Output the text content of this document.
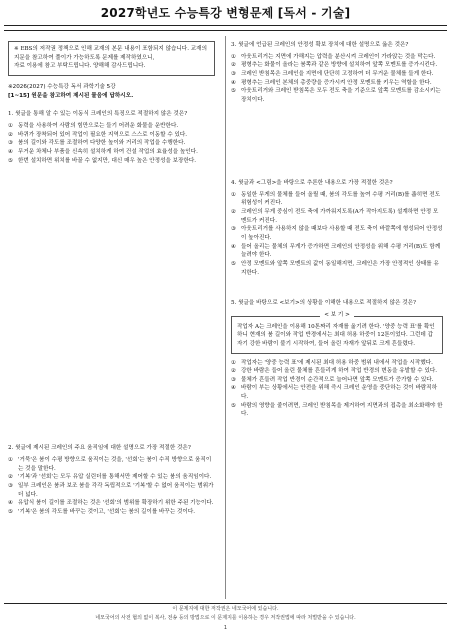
2027학년도 수능특강 변형문제 [독서 - 기술]

※ EBS의 저작권 정책으로 인해 교재의 본문 내용이 포함되지 않습니다. 교재의

지문을 참고하여 풀이가 가능하도록 문제를 제작하였으니,

자료 이용에 참고 부탁드립니다. 양해해 감사드립니다.

※2026(2027) 수능특강 독서 과학기술 5강
[1~15] 원문을 참고하여 제시된 물음에 답하시오.
1. 윗글을 통해 알 수 있는 이동식 크레인의 특징으로 적절하지 않은 것은?
① 동력을 사용하여 사람의 힘만으로는 들기 어려운 화물을 운반한다.
② 바퀴가 장착되어 있어 작업이 필요한 지역으로 스스로 이동할 수 있다.
③ 붐의 길이와 각도를 조절하여 다양한 높이와 거리의 작업을 수행한다.
④ 무거운 차체나 부품을 신속히 설치하게 하여 건설 작업의 효율성을 높인다.
⑤ 한번 설치하면 위치를 바꿀 수 없지만, 대신 매우 높은 안정성을 보장한다.
2. 윗글에 제시된 크레인의 주요 움직임에 대한 설명으로 가장 적절한 것은?
① '거묵'은 붐이 수평 방향으로 움직이는 것을, '선회'는 붐이 수직 방향으로 움직이는 것을 말한다.
② '기복'과 '선회'는 모두 유압 실린더를 통해서만 제어할 수 있는 붐의 움직임이다.
③ 일부 크레인은 붐과 보조 붐을 각각 독립적으로 '기복'할 수 없어 움직이는 범위가 더 넓다.
④ 유압식 붐이 길이를 조절하는 것은 '선회'의 범위를 확장하기 위한 주된 기능이다.
⑤ '기복'은 붐의 각도를 바꾸는 것이고, '선회'는 붐의 길이를 바꾸는 것이다.
3. 윗글에 언급된 크레인의 안정성 확보 장치에 대한 설명으로 옳은 것은?
① 아웃트리거는 지면에 가해지는 압력을 분산시켜 크레인이 가라앉는 것을 막는다.
② 평형추는 화물이 올라는 붐쪽과 같은 방향에 설치하여 앞쪽 모멘트를 증가시킨다.
③ 크레인 받침목은 크레인을 지면에 단단히 고정하여 더 무거운 물체를 들게 한다.
④ 평형추는 크레인 본체의 총중량을 증가시켜 안정 모멘트를 키우는 역할을 한다.
⑤ 아웃트리거와 크레인 받침목은 모두 전도 축을 기준으로 앞쪽 모멘트를 감소시키는 장치이다.
4. 윗글과 <그림>을 바탕으로 추론한 내용으로 가장 적절한 것은?
① 동일한 무게의 물체를 들어 올릴 때, 붐의 각도를 높여 수평 거리(B)를 좁히면 전도 위험성이 커진다.
② 크레인의 무게 중심이 전도 축에 가까워지도록(A가 작아지도록) 설계하면 안정 모멘트가 커진다.
③ 아웃트리거를 사용하지 않을 때보다 사용할 때 전도 축이 바깥쪽에 형성되어 안정성이 높아진다.
④ 들어 올리는 물체의 무게가 증가하면 크레인의 안정성을 위해 수평 거리(B)도 함께 늘려야 한다.
⑤ 안정 모멘트와 앞쪽 모멘트의 값이 동일해지면, 크레인은 가장 안정적인 상태를 유지한다.
5. 윗글을 바탕으로 <보기>의 상황을 이해한 내용으로 적절하지 않은 것은?
< 보 기 >
작업자 A는 크레인을 이용해 10톤짜리 자재를 옮기려 한다. '양중 능력 표'를 확인하니 현재의 붐 길이와 작업 반경에서는 최대 허용 하중이 12톤이었다. 그런데 갑자기 강한 바람이 불기 시작하여, 들어 올린 자재가 앞뒤로 크게 흔들렸다.
① 작업자는 '양중 능력 표'에 제시된 최대 허용 하중 범위 내에서 작업을 시작했다.
② 강한 바람은 들어 올린 물체를 흔들리게 하여 작업 반경의 변동을 유발할 수 있다.
③ 물체가 흔들려 작업 반경이 순간적으로 늘어나면 앞쪽 모멘트가 증가할 수 있다.
④ 바람이 부는 상황에서는 안전을 위해 즉시 크레인 운영을 중단하는 것이 바람직하다.
⑤ 바람의 영향을 줄이려면, 크레인 받침목을 제거하여 지면과의 접촉을 최소화해야 한다.
이 문제지에 대한 저작권은 네모국어에 있습니다.
네모국어의 사전 협의 없이 복사, 전송 등의 방법으로 이 문제지를 이용하는 경우 저작권법에 따라 처벌받을 수 있습니다.
1
